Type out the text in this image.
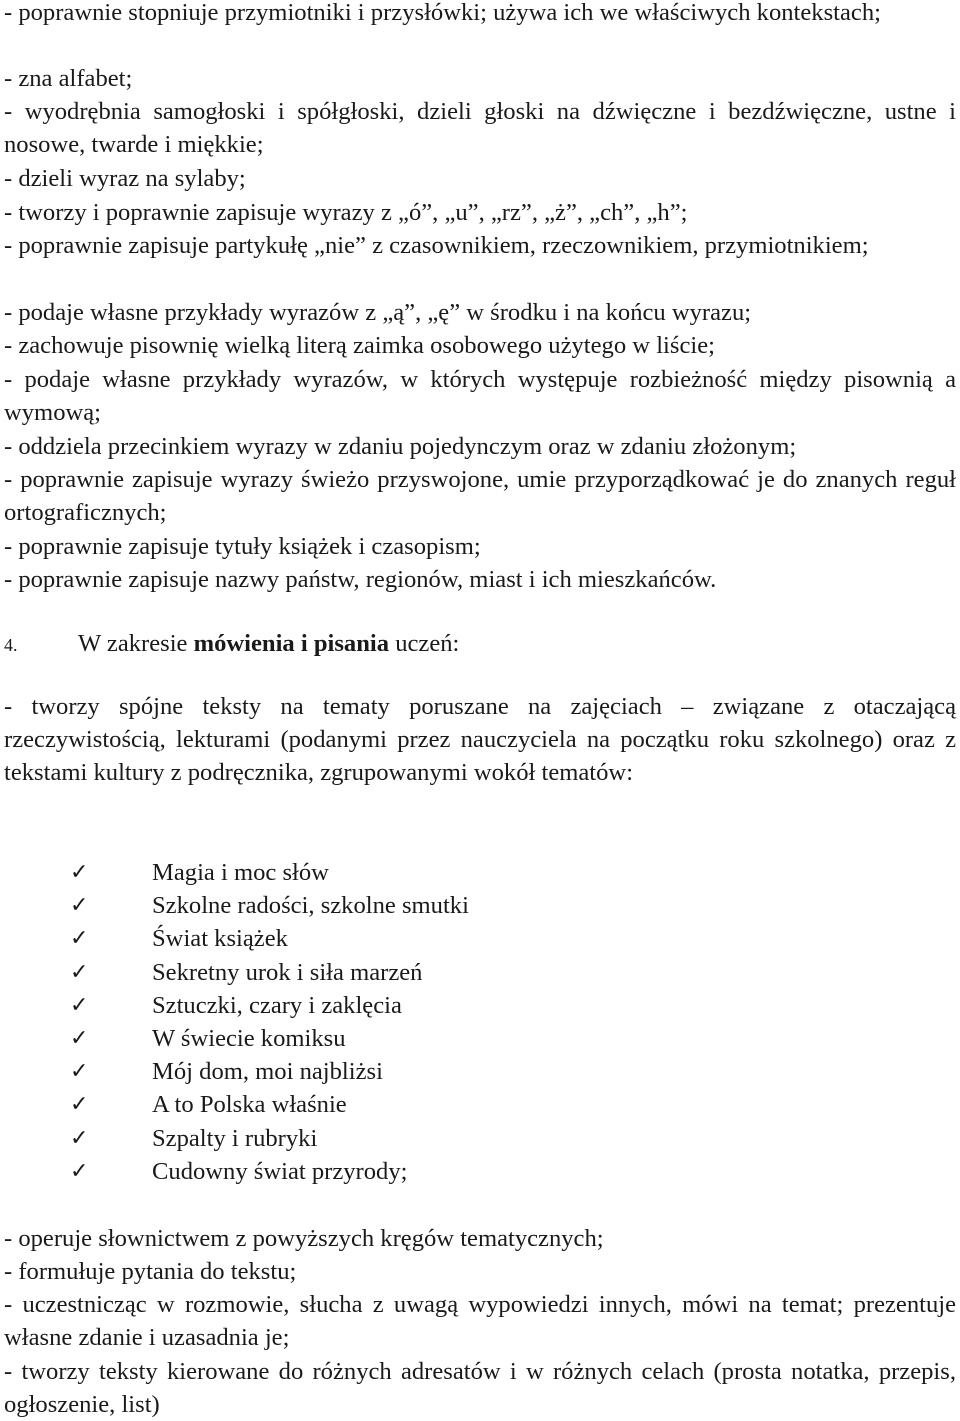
- poprawnie stopniuje przymiotniki i przysłówki; używa ich we właściwych kontekstach;

- zna alfabet;

- wyodrębnia samogłoski i spółgłoski, dzieli głoski na dźwięczne i bezdźwięczne, ustne i nosowe, twarde i miękkie;

- dzieli wyraz na sylaby;

- tworzy i poprawnie zapisuje wyrazy z „ó”, „u”, „rz”, „ż”, „ch”, „h”;

- poprawnie zapisuje partykułę „nie” z czasownikiem, rzeczownikiem, przymiotnikiem;

- podaje własne przykłady wyrazów z „ą”, „ę” w środku i na końcu wyrazu;

- zachowuje pisownię wielką literą zaimka osobowego użytego w liście;

- podaje własne przykłady wyrazów, w których występuje rozbieżność między pisownią a wymową;

- oddziela przecinkiem wyrazy w zdaniu pojedynczym oraz w zdaniu złożonym;

- poprawnie zapisuje wyrazy świeżo przyswojone, umie przyporządkować je do znanych reguł ortograficznych;

- poprawnie zapisuje tytuły książek i czasopism;

- poprawnie zapisuje nazwy państw, regionów, miast i ich mieszkańców.

4. W zakresie mówienia i pisania uczeń:

- tworzy spójne teksty na tematy poruszane na zajęciach – związane z otaczającą rzeczywistością, lekturami (podanymi przez nauczyciela na początku roku szkolnego) oraz z tekstami kultury z podręcznika, zgrupowanymi wokół tematów:

✓	Magia i moc słów
✓	Szkolne radości, szkolne smutki
✓	Świat książek
✓	Sekretny urok i siła marzeń
✓	Sztuczki, czary i zaklęcia
✓	W świecie komiksu
✓	Mój dom, moi najbliżsi
✓	A to Polska właśnie
✓	Szpalty i rubryki
✓	Cudowny świat przyrody;

- operuje słownictwem z powyższych kręgów tematycznych;

- formułuje pytania do tekstu;

- uczestnicząc w rozmowie, słucha z uwagą wypowiedzi innych, mówi na temat; prezentuje własne zdanie i uzasadnia je;

- tworzy teksty kierowane do różnych adresatów i w różnych celach (prosta notatka, przepis, ogłoszenie, list)
